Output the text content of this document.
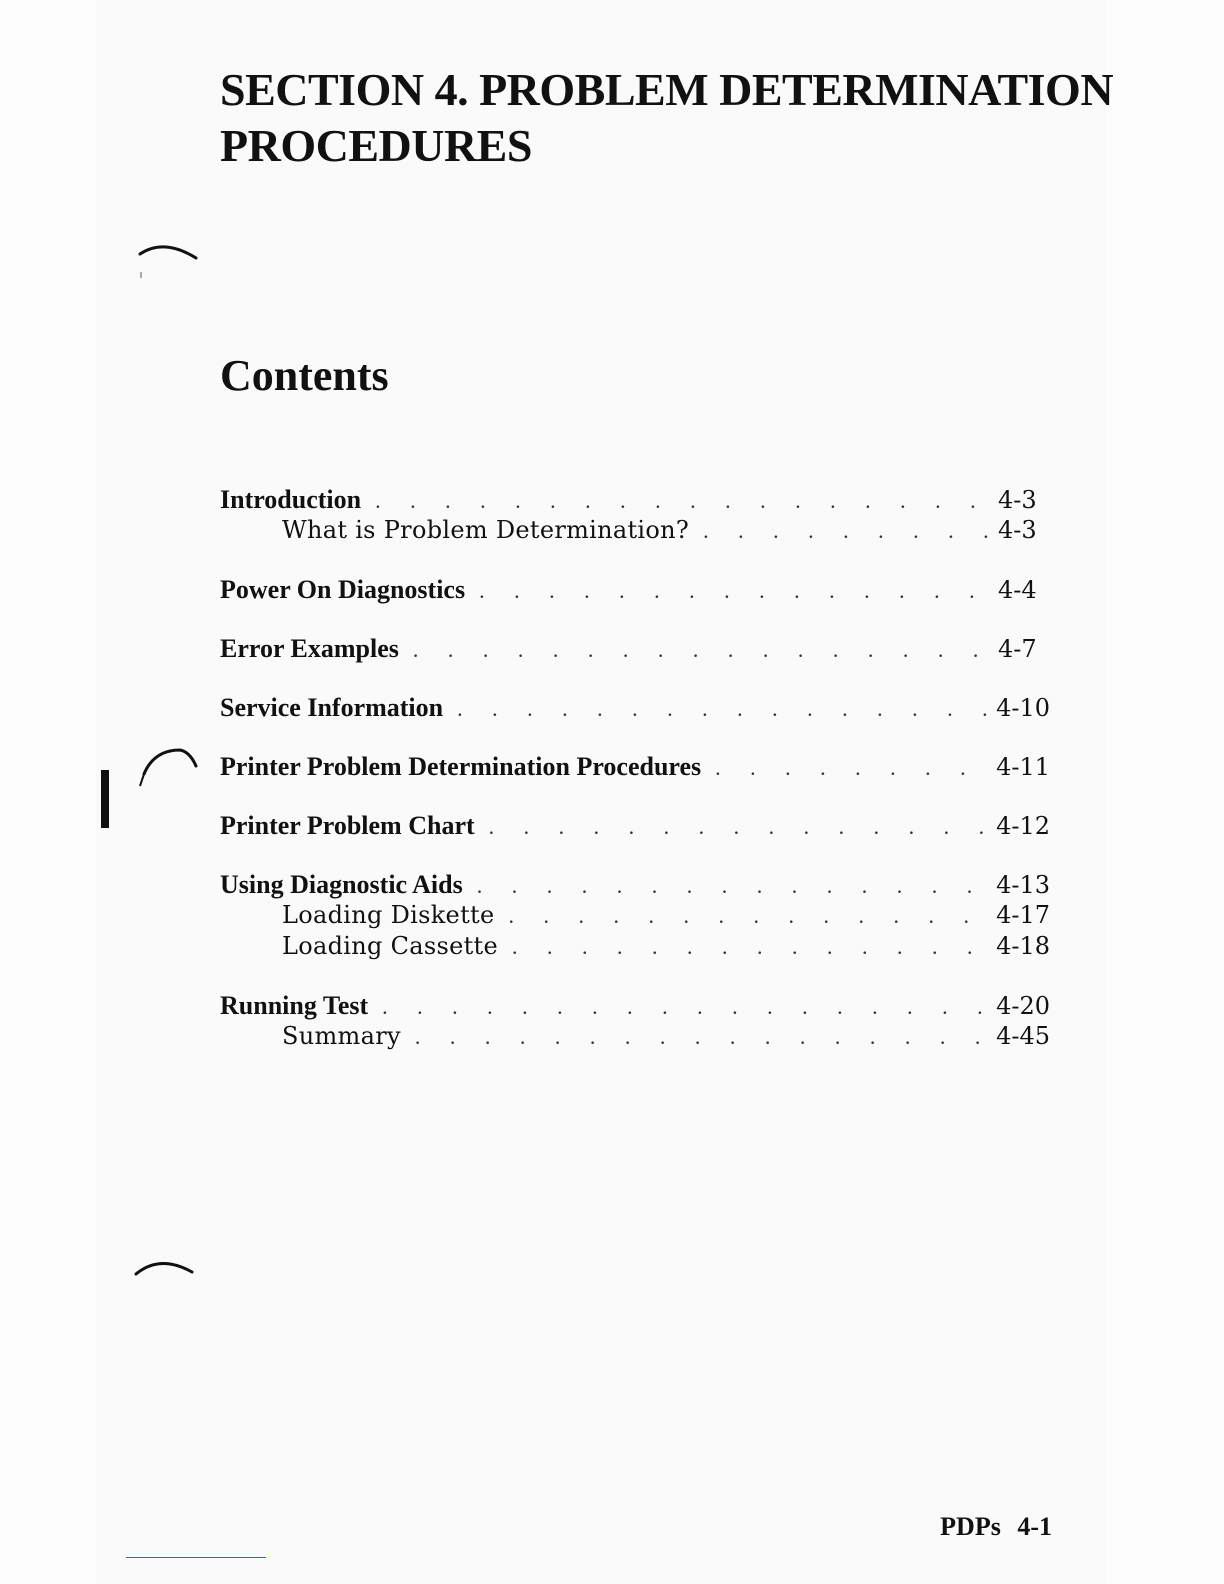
SECTION 4. PROBLEM DETERMINATION
PROCEDURES
Contents
Introduction . . .	4-3
What is Problem Determination? . . .	4-3
Power On Diagnostics . . .	4-4
Error Examples . . .	4-7
Service Information . . .	4-10
Printer Problem Determination Procedures . . .	4-11
Printer Problem Chart . . .	4-12
Using Diagnostic Aids . . .	4-13
Loading Diskette . . .	4-17
Loading Cassette . . .	4-18
Running Test . . .	4-20
Summary . . .	4-45
PDPs 4-1
